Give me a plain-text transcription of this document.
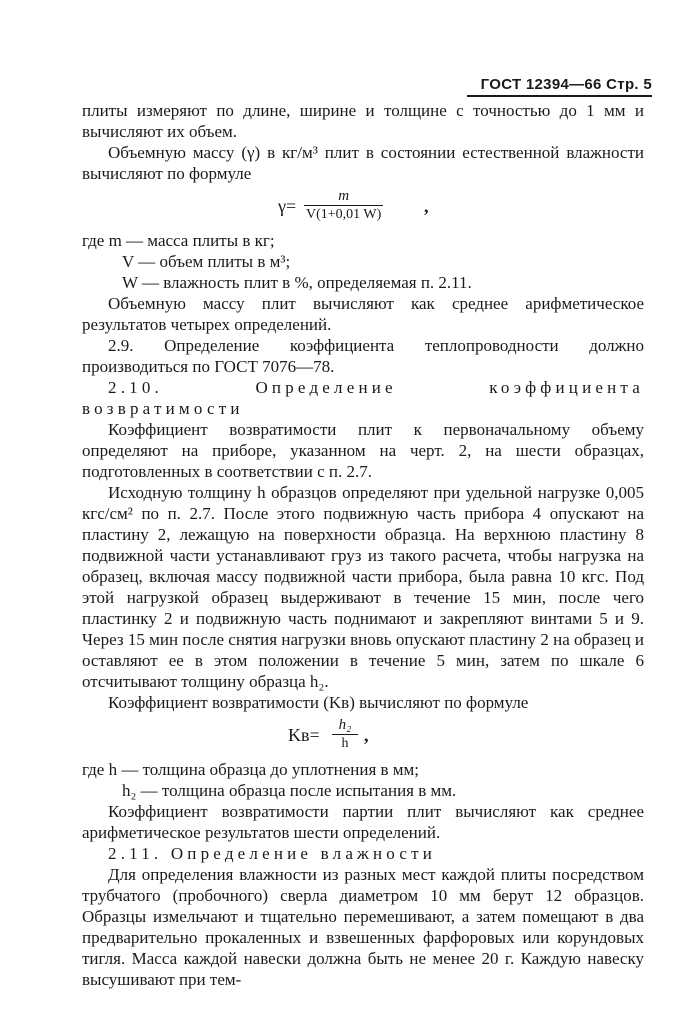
ГОСТ 12394—66 Стр. 5

плиты измеряют по длине, ширине и толщине с точностью до 1 мм и вычисляют их объем.

Объемную массу (γ) в кг/м³ плит в состоянии естественной влажности вычисляют по формуле

$\gamma= \frac{m}{V(1+0,01 W)}$ ,

где m — масса плиты в кг;

V — объем плиты в м³;

W — влажность плит в %, определяемая п. 2.11.

Объемную массу плит вычисляют как среднее арифметическое результатов четырех определений.

2.9. Определение коэффициента теплопроводности должно производиться по ГОСТ 7076—78.

2.10. Определение коэффициента возвратимости

Коэффициент возвратимости плит к первоначальному объему определяют на приборе, указанном на черт. 2, на шести образцах, подготовленных в соответствии с п. 2.7.

Исходную толщину h образцов определяют при удельной нагрузке 0,005 кгс/см² по п. 2.7. После этого подвижную часть прибора 4 опускают на пластину 2, лежащую на поверхности образца. На верхнюю пластину 8 подвижной части устанавливают груз из такого расчета, чтобы нагрузка на образец, включая массу подвижной части прибора, была равна 10 кгс. Под этой нагрузкой образец выдерживают в течение 15 мин, после чего пластинку 2 и подвижную часть поднимают и закрепляют винтами 5 и 9. Через 15 мин после снятия нагрузки вновь опускают пластину 2 на образец и оставляют ее в этом положении в течение 5 мин, затем по шкале 6 отсчитывают толщину образца h₂.

Коэффициент возвратимости (Kв) вычисляют по формуле

$Kв= \frac{\text{h₂}}{h}$ ,

где h — толщина образца до уплотнения в мм;

h₂ — толщина образца после испытания в мм.

Коэффициент возвратимости партии плит вычисляют как среднее арифметическое результатов шести определений.

2.11. Определение влажности

Для определения влажности из разных мест каждой плиты посредством трубчатого (пробочного) сверла диаметром 10 мм берут 12 образцов. Образцы измельчают и тщательно перемешивают, а затем помещают в два предварительно прокаленных и взвешенных фарфоровых или корундовых тигля. Масса каждой навески должна быть не менее 20 г. Каждую навеску высушивают при тем-
